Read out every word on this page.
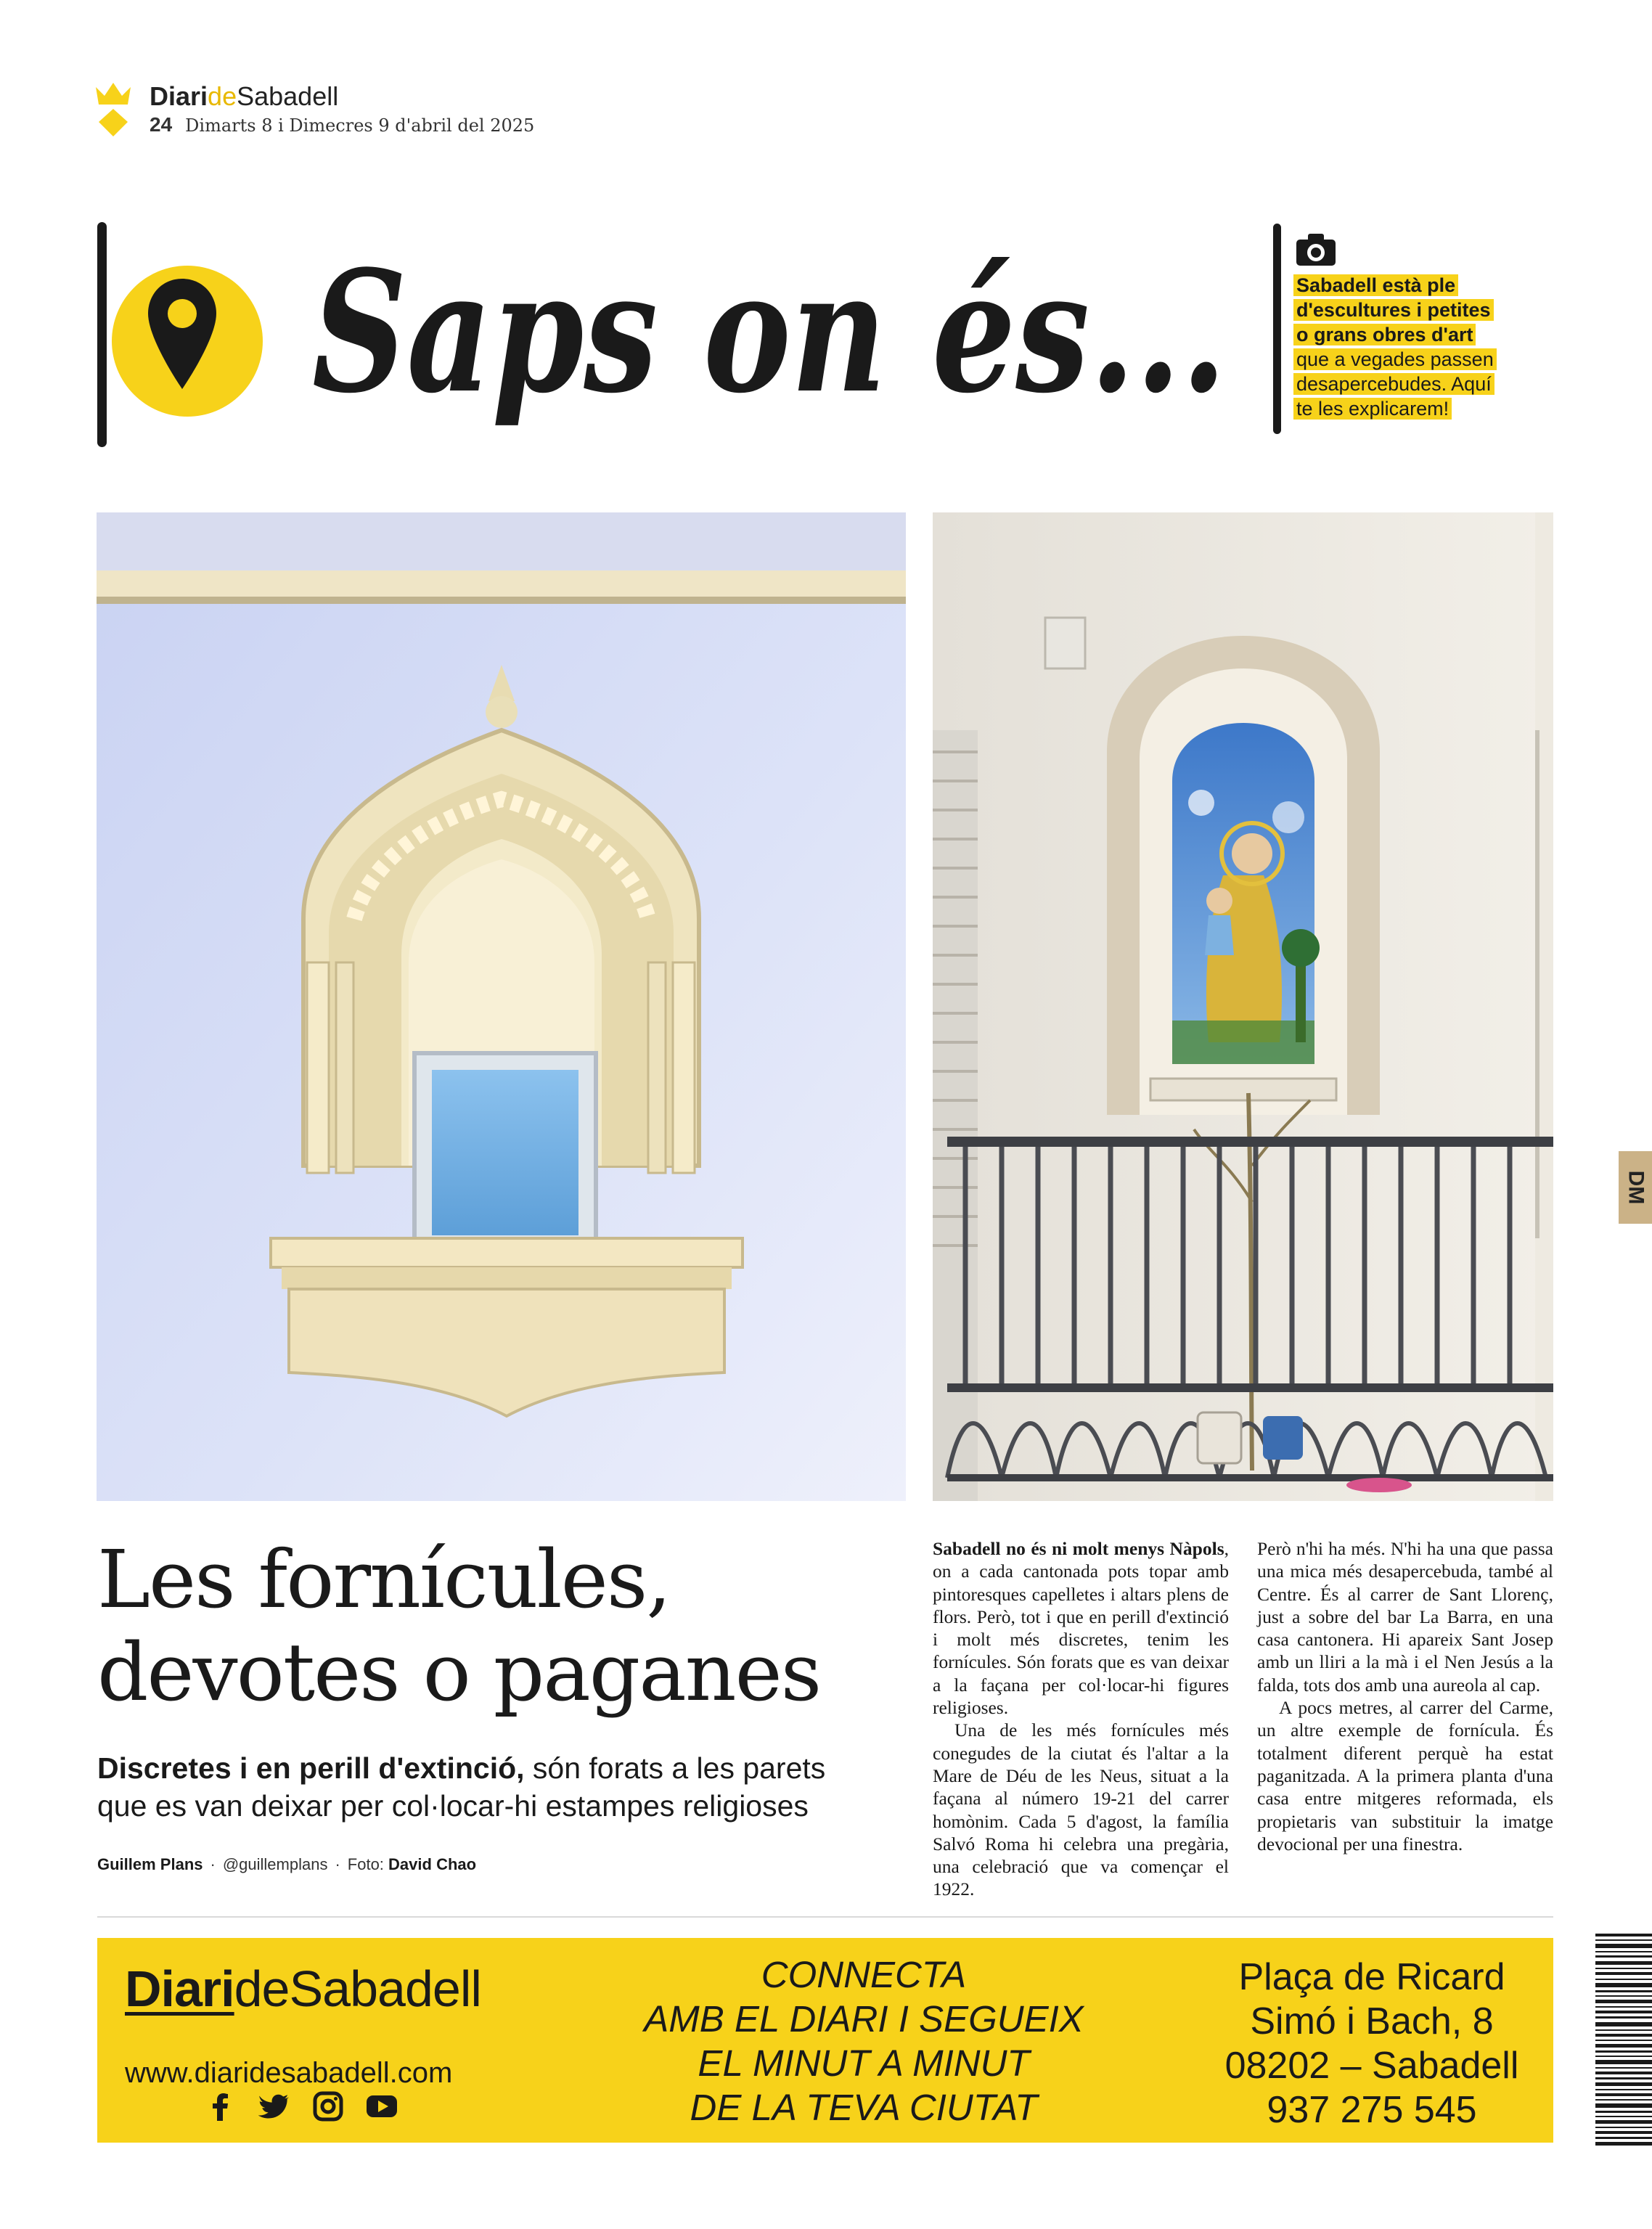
DiarideSabadell
24 Dimarts 8 i Dimecres 9 d'abril del 2025
Saps on és...	Sabadell està ple
d'escultures i petites
o grans obres d'art
que a vegades passen
desapercebudes. Aquí
te les explicarem!
DM
Les fornícules,
devotes o paganes
Discretes i en perill d'extinció, són forats a les parets que es van deixar per col·locar-hi estampes religioses
Guillem Plans · @guillemplans · Foto: David Chao

Sabadell no és ni molt menys Nàpols, on a cada cantonada pots topar amb pintoresques capelletes i altars plens de flors. Però, tot i que en perill d'extinció i molt més discretes, tenim les fornícules. Són forats que es van deixar a la façana per col·locar-hi figures religioses.

Una de les més fornícules més conegudes de la ciutat és l'altar a la Mare de Déu de les Neus, situat a la façana al número 19-21 del carrer homònim. Cada 5 d'agost, la família Salvó Roma hi celebra una pregària, una celebració que va començar el 1922.

Però n'hi ha més. N'hi ha una que passa una mica més desapercebuda, també al Centre. És al carrer de Sant Llorenç, just a sobre del bar La Barra, en una casa cantonera. Hi apareix Sant Josep amb un lliri a la mà i el Nen Jesús a la falda, tots dos amb una aureola al cap.

A pocs metres, al carrer del Carme, un altre exemple de fornícula. És totalment diferent perquè ha estat paganitzada. A la primera planta d'una casa entre mitgeres reformada, els propietaris van substituir la imatge devocional per una finestra.

DiarideSabadell
www.diaridesabadell.com
CONNECTA
AMB EL DIARI I SEGUEIX
EL MINUT A MINUT
DE LA TEVA CIUTAT
Plaça de Ricard
Simó i Bach, 8
08202 – Sabadell
937 275 545
